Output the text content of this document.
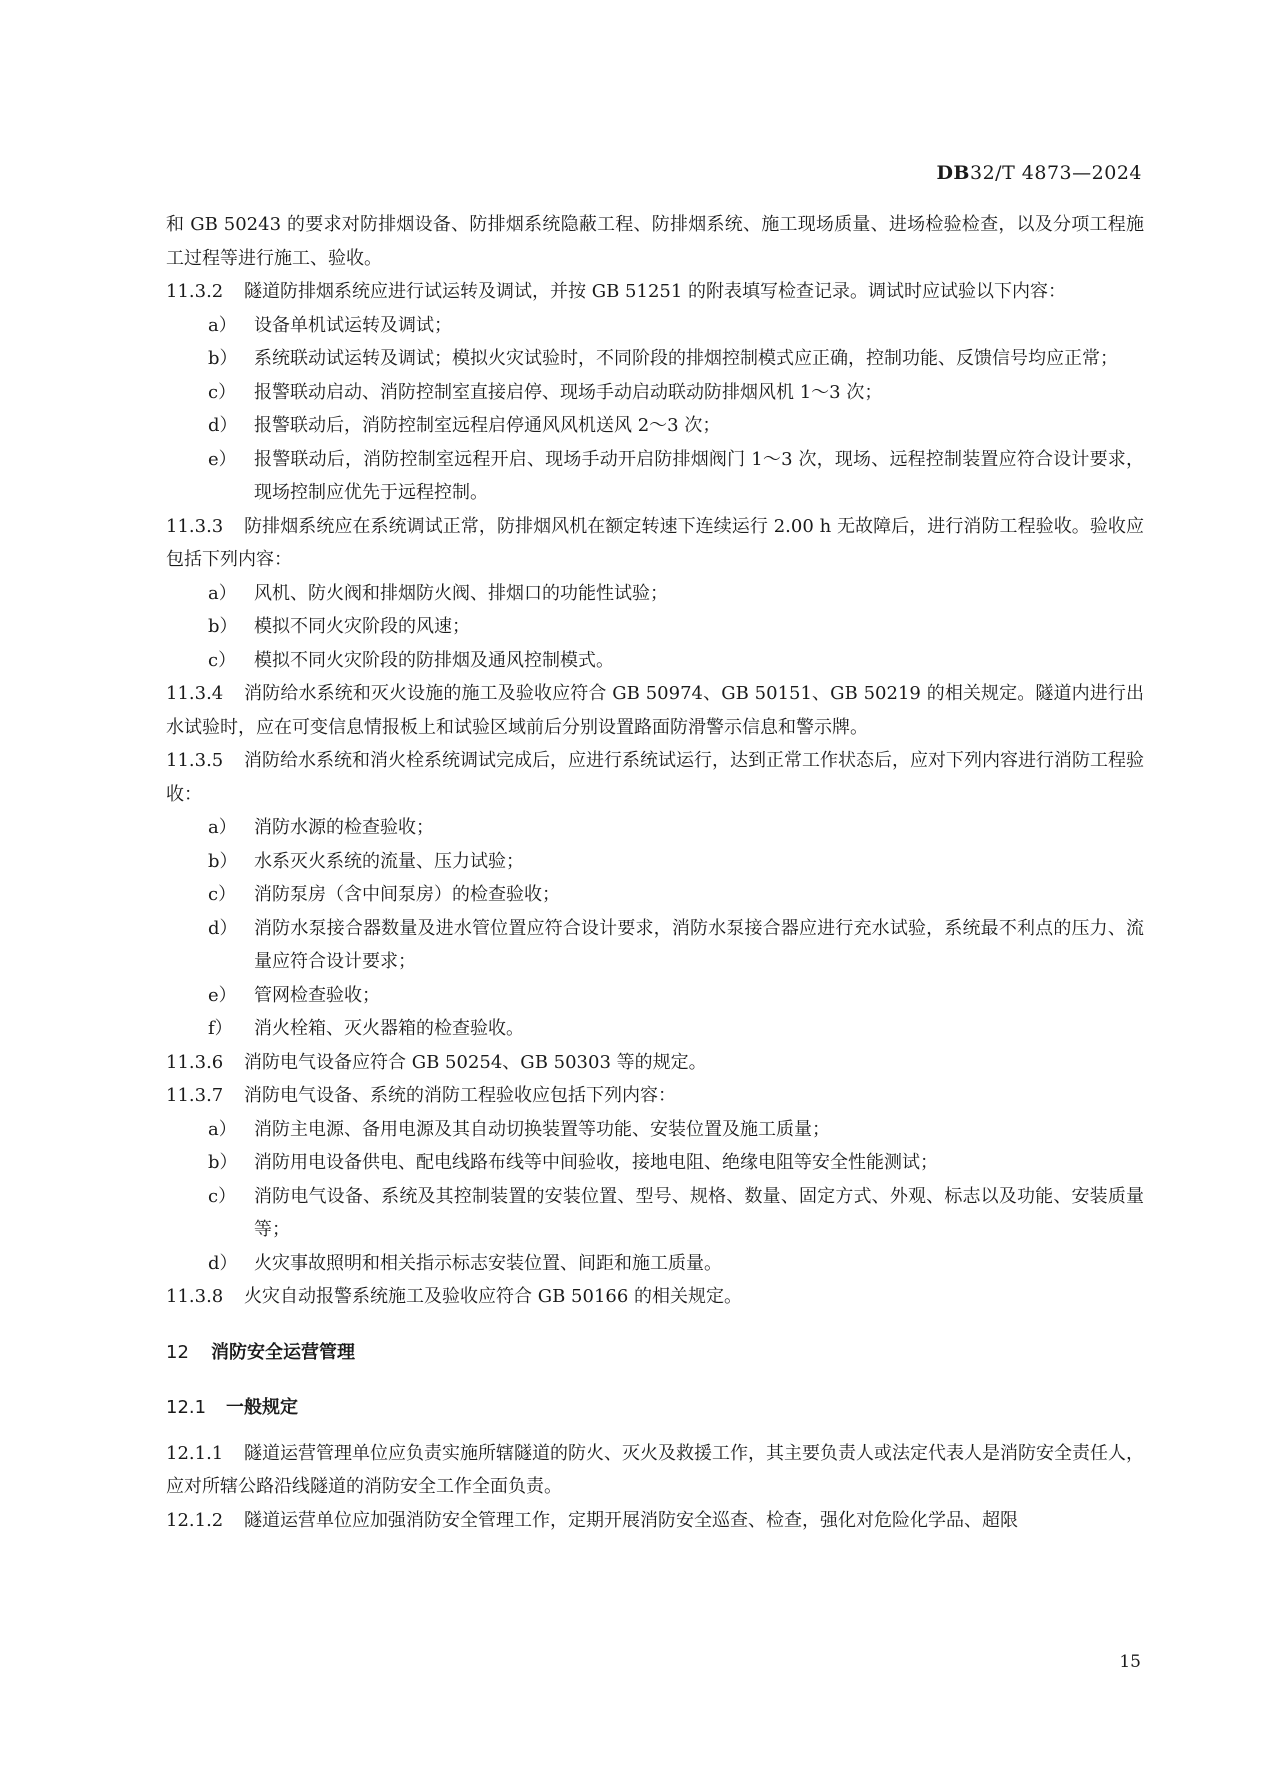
DB32/T 4873—2024

和 GB 50243 的要求对防排烟设备、防排烟系统隐蔽工程、防排烟系统、施工现场质量、进场检验检查，以及分项工程施工过程等进行施工、验收。

11.3.2 隧道防排烟系统应进行试运转及调试，并按 GB 51251 的附表填写检查记录。调试时应试验以下内容：

a） 设备单机试运转及调试；

b） 系统联动试运转及调试；模拟火灾试验时，不同阶段的排烟控制模式应正确，控制功能、反馈信号均应正常；

c） 报警联动启动、消防控制室直接启停、现场手动启动联动防排烟风机 1～3 次；

d） 报警联动后，消防控制室远程启停通风风机送风 2～3 次；

e） 报警联动后，消防控制室远程开启、现场手动开启防排烟阀门 1～3 次，现场、远程控制装置应符合设计要求，现场控制应优先于远程控制。

11.3.3 防排烟系统应在系统调试正常，防排烟风机在额定转速下连续运行 2.00 h 无故障后，进行消防工程验收。验收应包括下列内容：

a） 风机、防火阀和排烟防火阀、排烟口的功能性试验；

b） 模拟不同火灾阶段的风速；

c） 模拟不同火灾阶段的防排烟及通风控制模式。

11.3.4 消防给水系统和灭火设施的施工及验收应符合 GB 50974、GB 50151、GB 50219 的相关规定。隧道内进行出水试验时，应在可变信息情报板上和试验区域前后分别设置路面防滑警示信息和警示牌。

11.3.5 消防给水系统和消火栓系统调试完成后，应进行系统试运行，达到正常工作状态后，应对下列内容进行消防工程验收：

a） 消防水源的检查验收；

b） 水系灭火系统的流量、压力试验；

c） 消防泵房（含中间泵房）的检查验收；

d） 消防水泵接合器数量及进水管位置应符合设计要求，消防水泵接合器应进行充水试验，系统最不利点的压力、流量应符合设计要求；

e） 管网检查验收；

f） 消火栓箱、灭火器箱的检查验收。

11.3.6 消防电气设备应符合 GB 50254、GB 50303 等的规定。

11.3.7 消防电气设备、系统的消防工程验收应包括下列内容：

a） 消防主电源、备用电源及其自动切换装置等功能、安装位置及施工质量；

b） 消防用电设备供电、配电线路布线等中间验收，接地电阻、绝缘电阻等安全性能测试；

c） 消防电气设备、系统及其控制装置的安装位置、型号、规格、数量、固定方式、外观、标志以及功能、安装质量等；

d） 火灾事故照明和相关指示标志安装位置、间距和施工质量。

11.3.8 火灾自动报警系统施工及验收应符合 GB 50166 的相关规定。

12 消防安全运营管理

12.1 一般规定

12.1.1 隧道运营管理单位应负责实施所辖隧道的防火、灭火及救援工作，其主要负责人或法定代表人是消防安全责任人，应对所辖公路沿线隧道的消防安全工作全面负责。

12.1.2 隧道运营单位应加强消防安全管理工作，定期开展消防安全巡查、检查，强化对危险化学品、超限

15
